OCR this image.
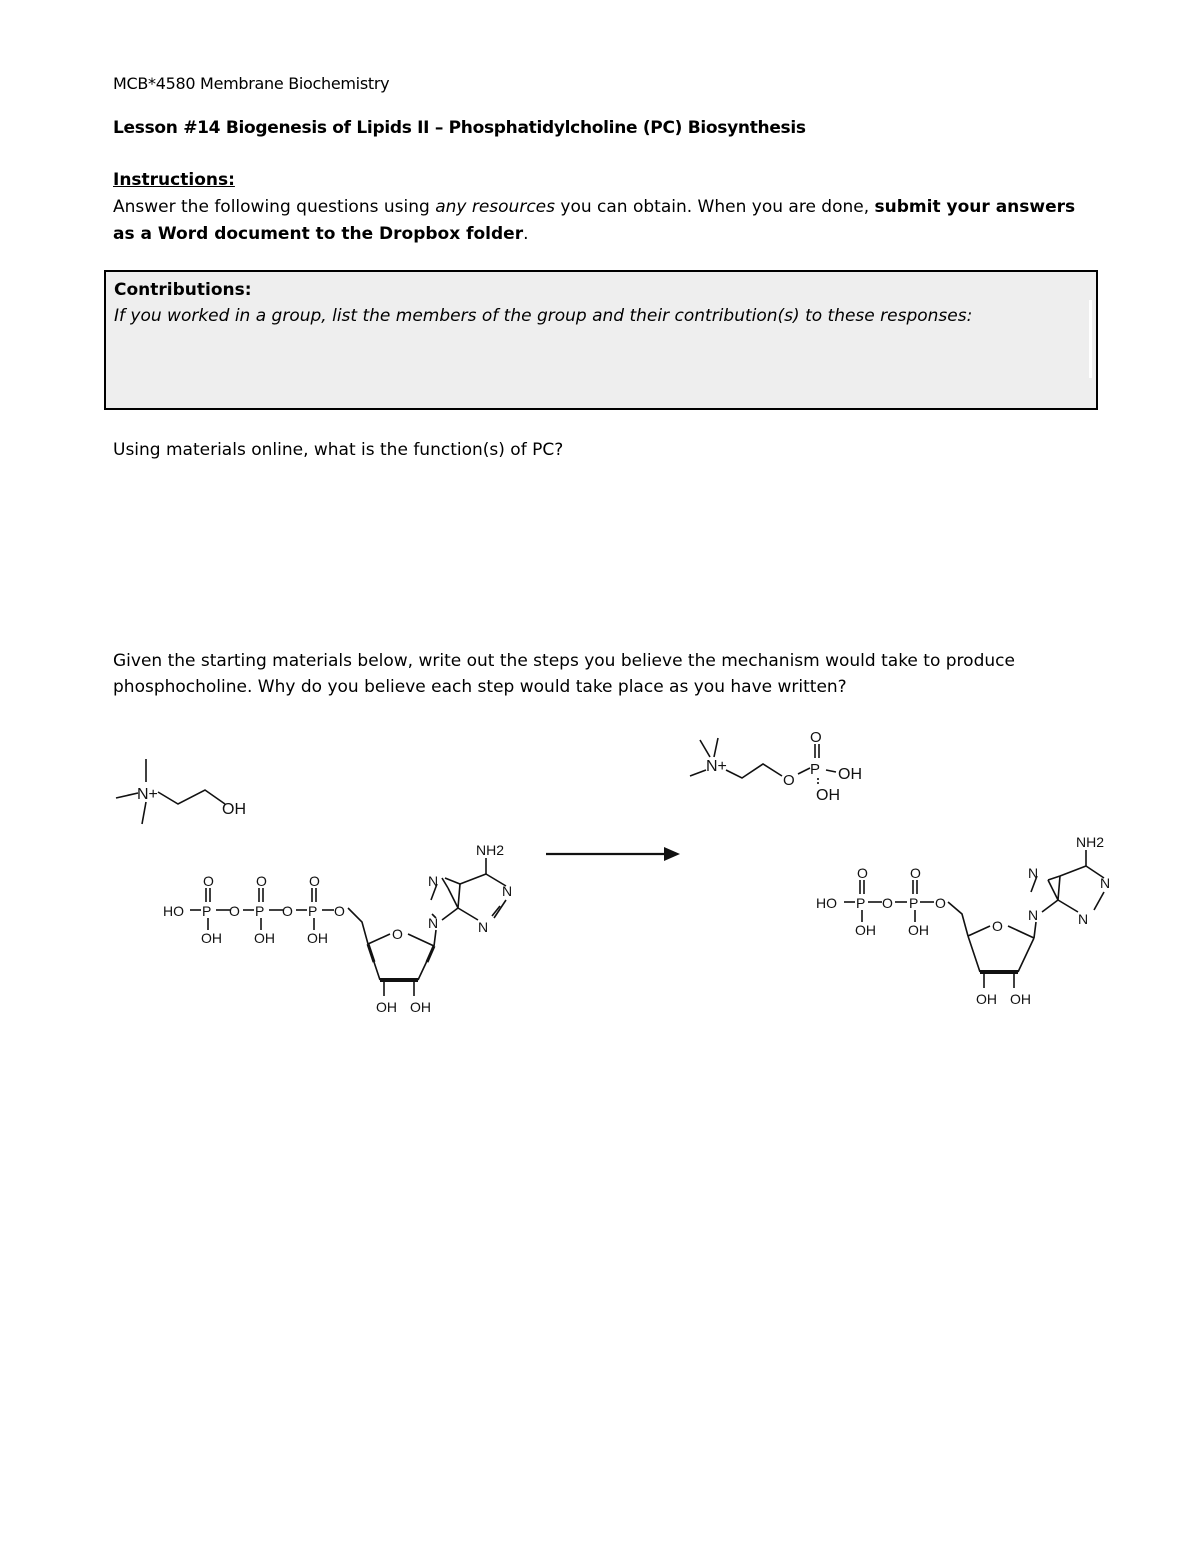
MCB*4580 Membrane Biochemistry
Lesson #14 Biogenesis of Lipids II – Phosphatidylcholine (PC) Biosynthesis
Instructions:
Answer the following questions using any resources you can obtain. When you are done, submit your answers as a Word document to the Dropbox folder.
Contributions:
If you worked in a group, list the members of the group and their contribution(s) to these responses:
Using materials online, what is the function(s) of PC?
Given the starting materials below, write out the steps you believe the mechanism would take to produce phosphocholine. Why do you believe each step would take place as you have written?
N+
OH
HO P O P O P O
O	O	O
OH OH OH	O
OH OH
N
N
N
N
NH2
N+
O
P OH
O
OH
HO P O P O
O	O
OH OH	O
OH OH
N
N
N
N
NH2
